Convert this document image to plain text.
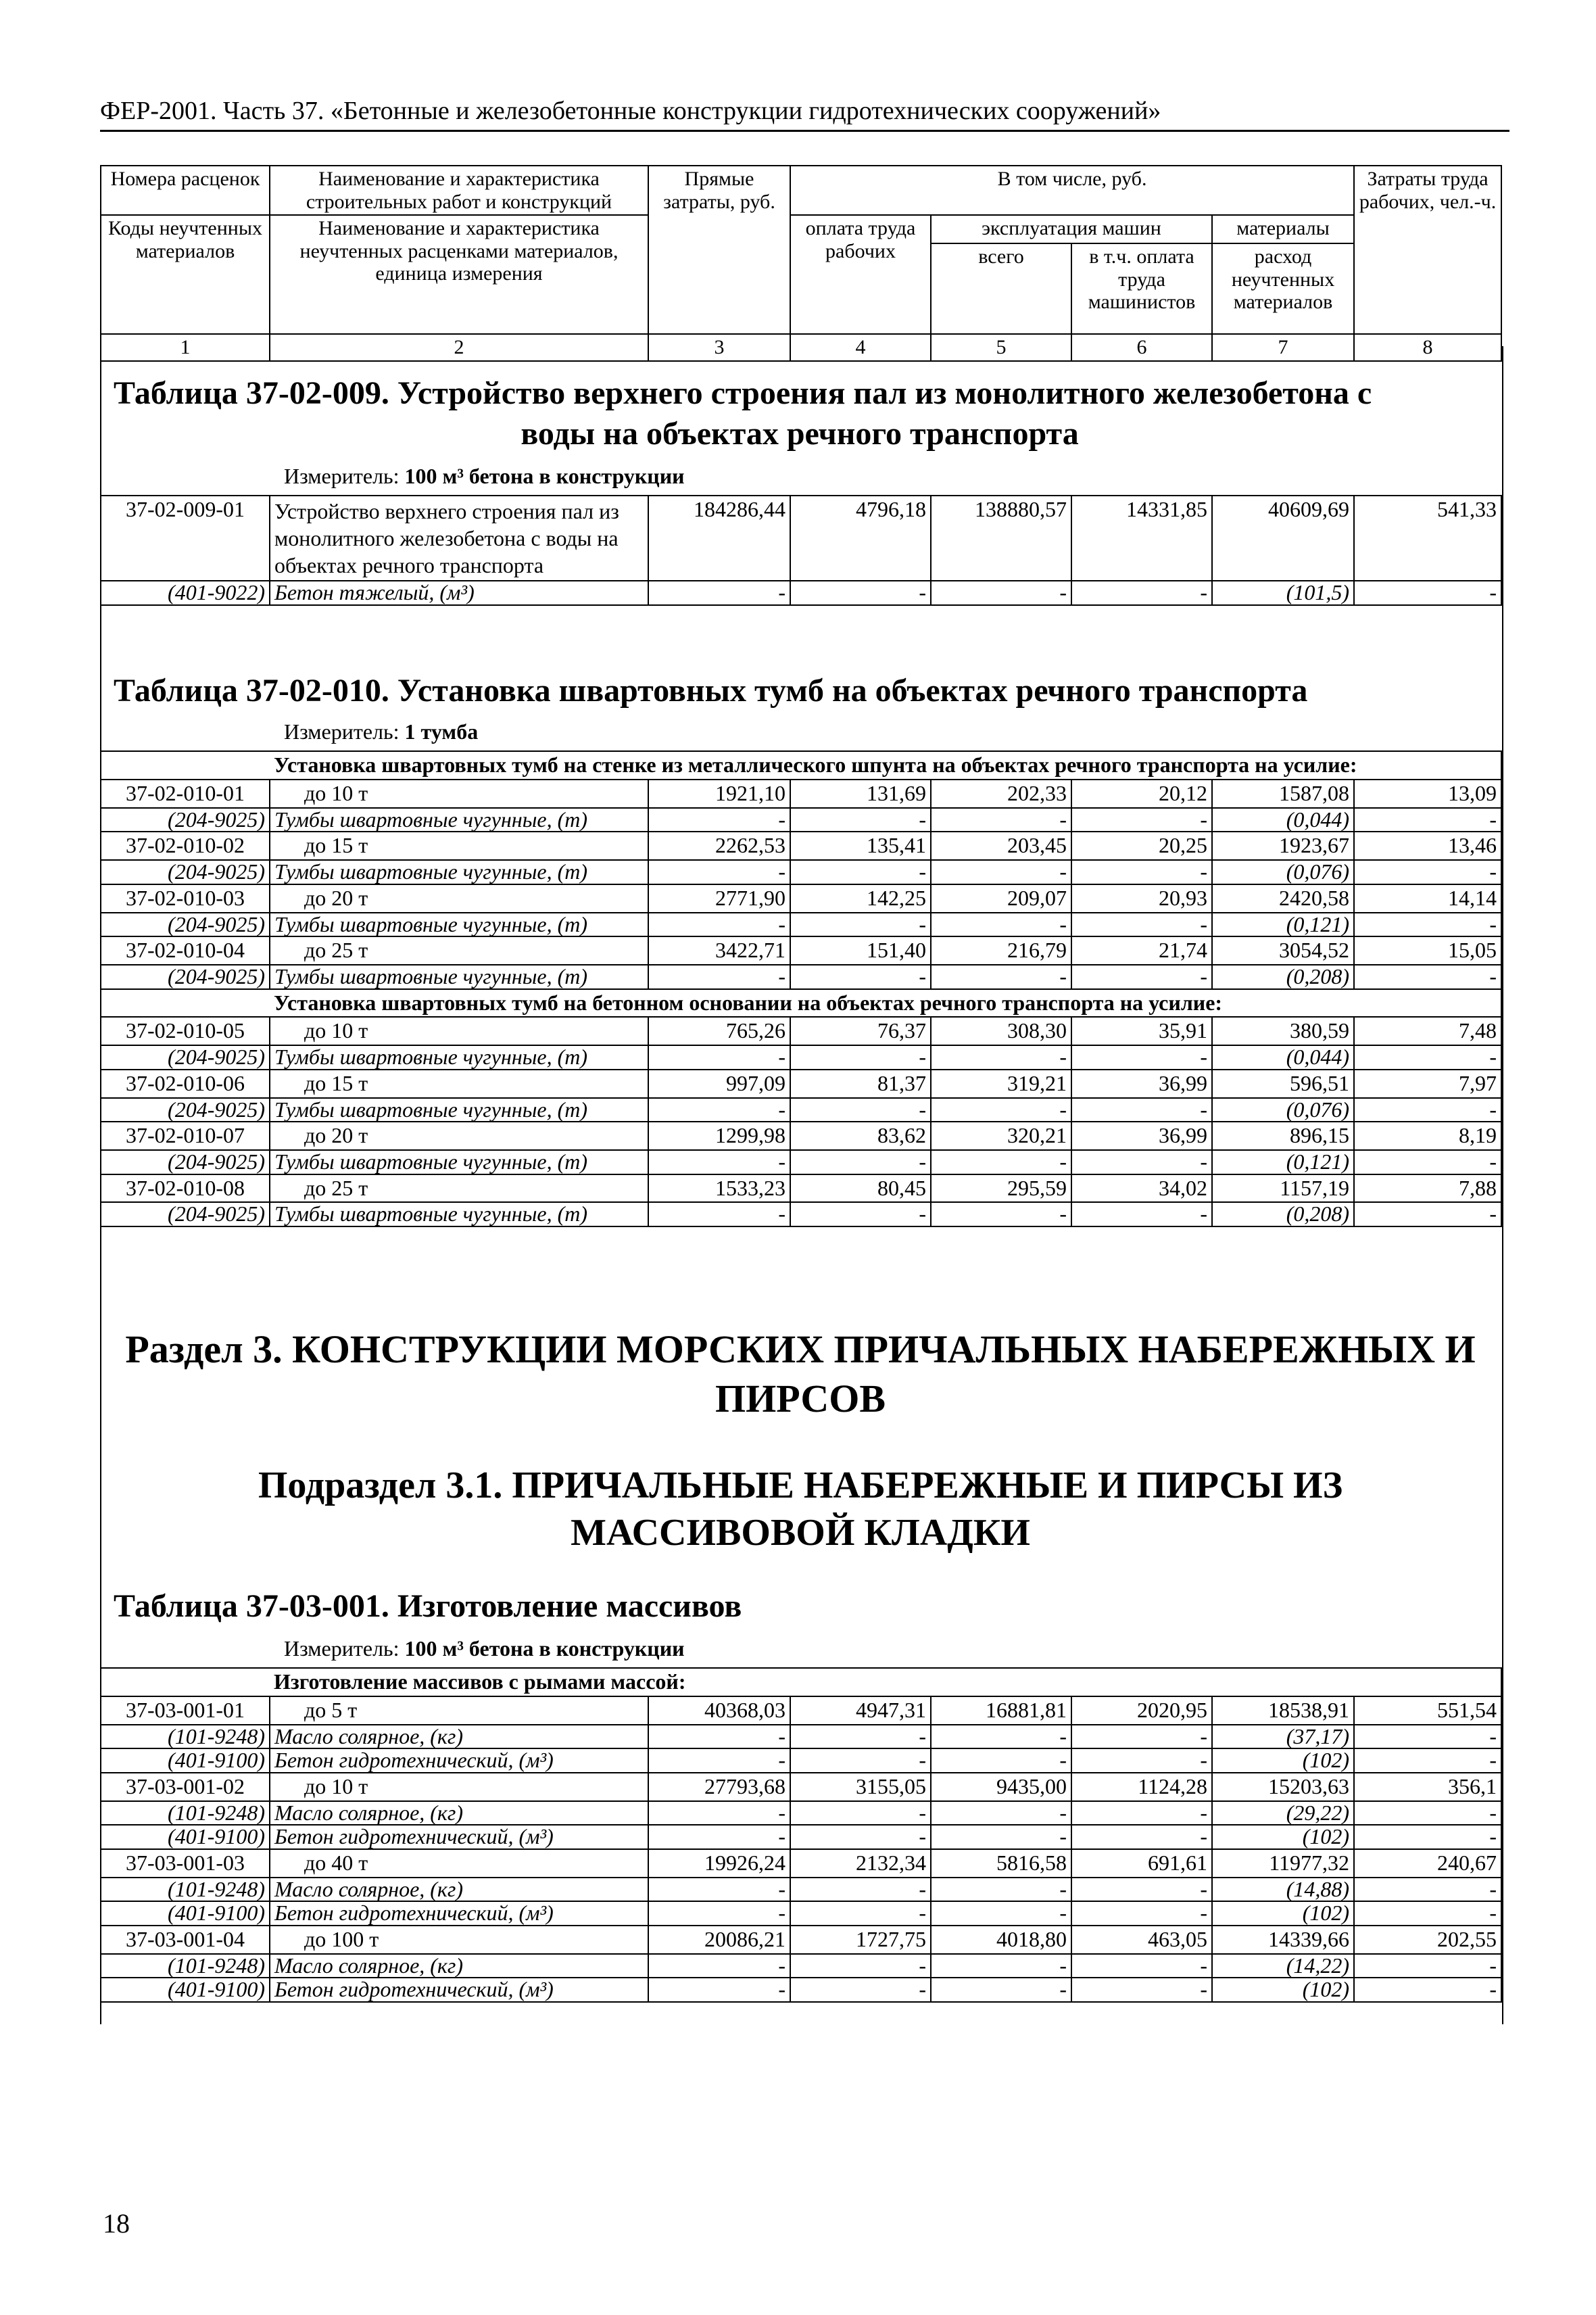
ФЕР-2001. Часть 37. «Бетонные и железобетонные конструкции гидротехнических сооружений»
Номера расценок	Наименование и характеристика строительных работ и конструкций	Прямые затраты, руб.	В том числе, руб.				Затраты труда рабочих, чел.-ч.
Коды неучтенных материалов	Наименование и характеристика неучтенных расценками материалов, единица измерения		оплата труда рабочих	эксплуатация машин		материалы	
				всего	в т.ч. оплата труда машинистов	расход неучтенных материалов	
1	2	3	4	5	6	7	8
Таблица 37-02-009. Устройство верхнего строения пал из монолитного железобетона с
воды на объектах речного транспорта
Измеритель: 100 м³ бетона в конструкции
37-02-009-01	Устройство верхнего строения пал из монолитного железобетона с воды на объектах речного транспорта	184286,44	4796,18	138880,57	14331,85	40609,69	541,33
(401-9022)	Бетон тяжелый, (м³)	-	-	-	-	(101,5)	-
Таблица 37-02-010. Установка швартовных тумб на объектах речного транспорта
Измеритель: 1 тумба
	Установка швартовных тумб на стенке из металлического шпунта на объектах речного транспорта на усилие:						
37-02-010-01	до 10 т	1921,10	131,69	202,33	20,12	1587,08	13,09
(204-9025)	Тумбы швартовные чугунные, (т)	-	-	-	-	(0,044)	-
37-02-010-02	до 15 т	2262,53	135,41	203,45	20,25	1923,67	13,46
(204-9025)	Тумбы швартовные чугунные, (т)	-	-	-	-	(0,076)	-
37-02-010-03	до 20 т	2771,90	142,25	209,07	20,93	2420,58	14,14
(204-9025)	Тумбы швартовные чугунные, (т)	-	-	-	-	(0,121)	-
37-02-010-04	до 25 т	3422,71	151,40	216,79	21,74	3054,52	15,05
(204-9025)	Тумбы швартовные чугунные, (т)	-	-	-	-	(0,208)	-
	Установка швартовных тумб на бетонном основании на объектах речного транспорта на усилие:						
37-02-010-05	до 10 т	765,26	76,37	308,30	35,91	380,59	7,48
(204-9025)	Тумбы швартовные чугунные, (т)	-	-	-	-	(0,044)	-
37-02-010-06	до 15 т	997,09	81,37	319,21	36,99	596,51	7,97
(204-9025)	Тумбы швартовные чугунные, (т)	-	-	-	-	(0,076)	-
37-02-010-07	до 20 т	1299,98	83,62	320,21	36,99	896,15	8,19
(204-9025)	Тумбы швартовные чугунные, (т)	-	-	-	-	(0,121)	-
37-02-010-08	до 25 т	1533,23	80,45	295,59	34,02	1157,19	7,88
(204-9025)	Тумбы швартовные чугунные, (т)	-	-	-	-	(0,208)	-
Раздел 3. КОНСТРУКЦИИ МОРСКИХ ПРИЧАЛЬНЫХ НАБЕРЕЖНЫХ И
ПИРСОВ
Подраздел 3.1. ПРИЧАЛЬНЫЕ НАБЕРЕЖНЫЕ И ПИРСЫ ИЗ
МАССИВОВОЙ КЛАДКИ
Таблица 37-03-001. Изготовление массивов
Измеритель: 100 м³ бетона в конструкции
	Изготовление массивов с рымами массой:						
37-03-001-01	до 5 т	40368,03	4947,31	16881,81	2020,95	18538,91	551,54
(101-9248)	Масло солярное, (кг)	-	-	-	-	(37,17)	-
(401-9100)	Бетон гидротехнический, (м³)	-	-	-	-	(102)	-
37-03-001-02	до 10 т	27793,68	3155,05	9435,00	1124,28	15203,63	356,1
(101-9248)	Масло солярное, (кг)	-	-	-	-	(29,22)	-
(401-9100)	Бетон гидротехнический, (м³)	-	-	-	-	(102)	-
37-03-001-03	до 40 т	19926,24	2132,34	5816,58	691,61	11977,32	240,67
(101-9248)	Масло солярное, (кг)	-	-	-	-	(14,88)	-
(401-9100)	Бетон гидротехнический, (м³)	-	-	-	-	(102)	-
37-03-001-04	до 100 т	20086,21	1727,75	4018,80	463,05	14339,66	202,55
(101-9248)	Масло солярное, (кг)	-	-	-	-	(14,22)	-
(401-9100)	Бетон гидротехнический, (м³)	-	-	-	-	(102)	-
18
